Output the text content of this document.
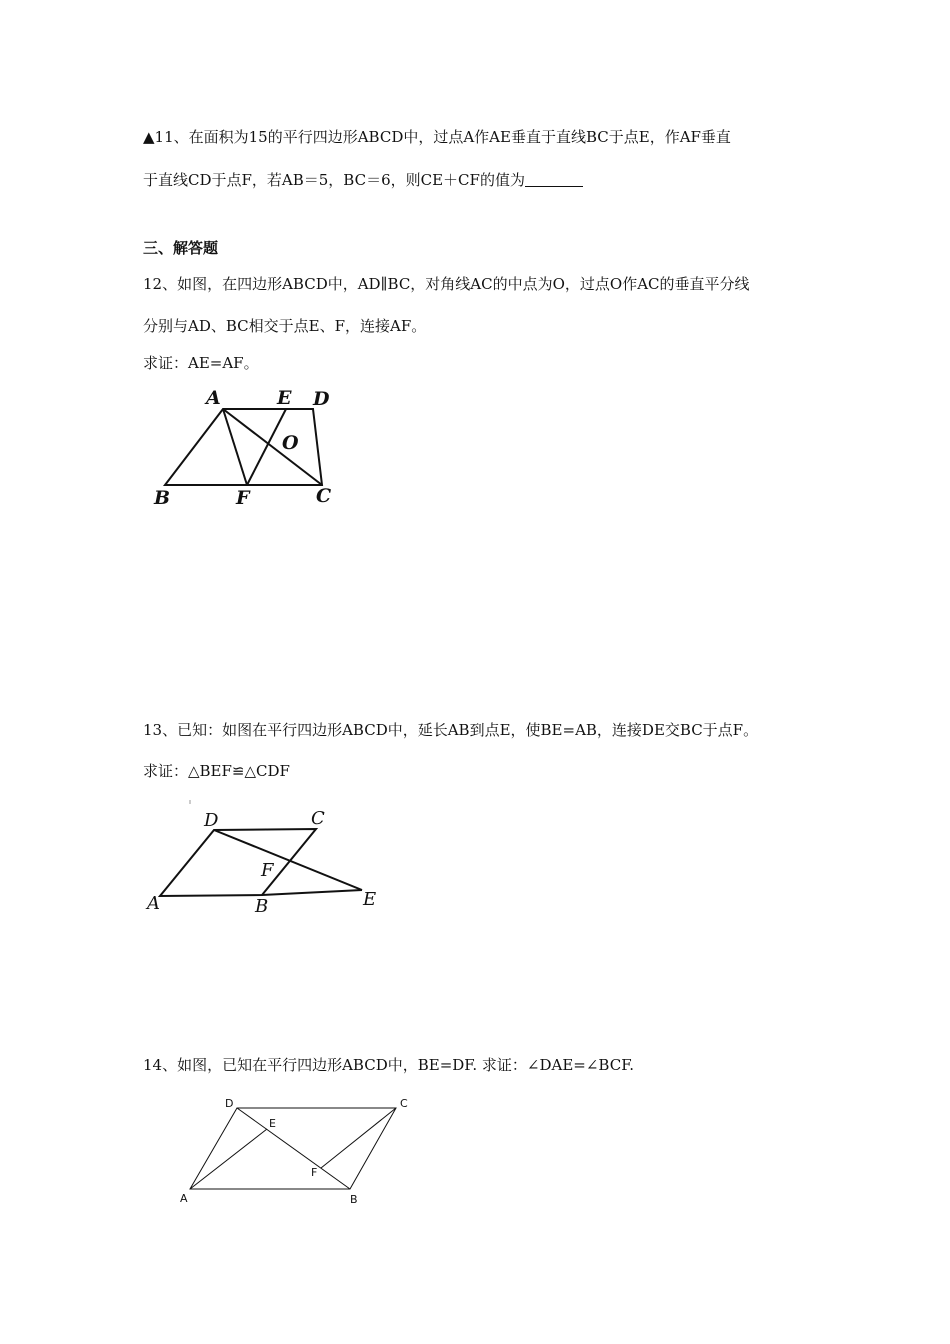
▲11、在面积为15的平行四边形ABCD中，过点A作AE垂直于直线BC于点E，作AF垂直
于直线CD于点F，若AB＝5，BC＝6，则CE＋CF的值为
三、解答题
12、如图，在四边形ABCD中，AD∥BC，对角线AC的中点为O，过点O作AC的垂直平分线
分别与AD、BC相交于点E、F，连接AF。
求证：AE=AF。
A	E D
O
B	F	C
13、已知：如图在平行四边形ABCD中，延长AB到点E，使BE=AB，连接DE交BC于点F。
求证：△BEF≌△CDF
D	C
F
A	B	E
14、如图，已知在平行四边形ABCD中，BE=DF. 求证：∠DAE=∠BCF.
D	C
E
F
A	B
